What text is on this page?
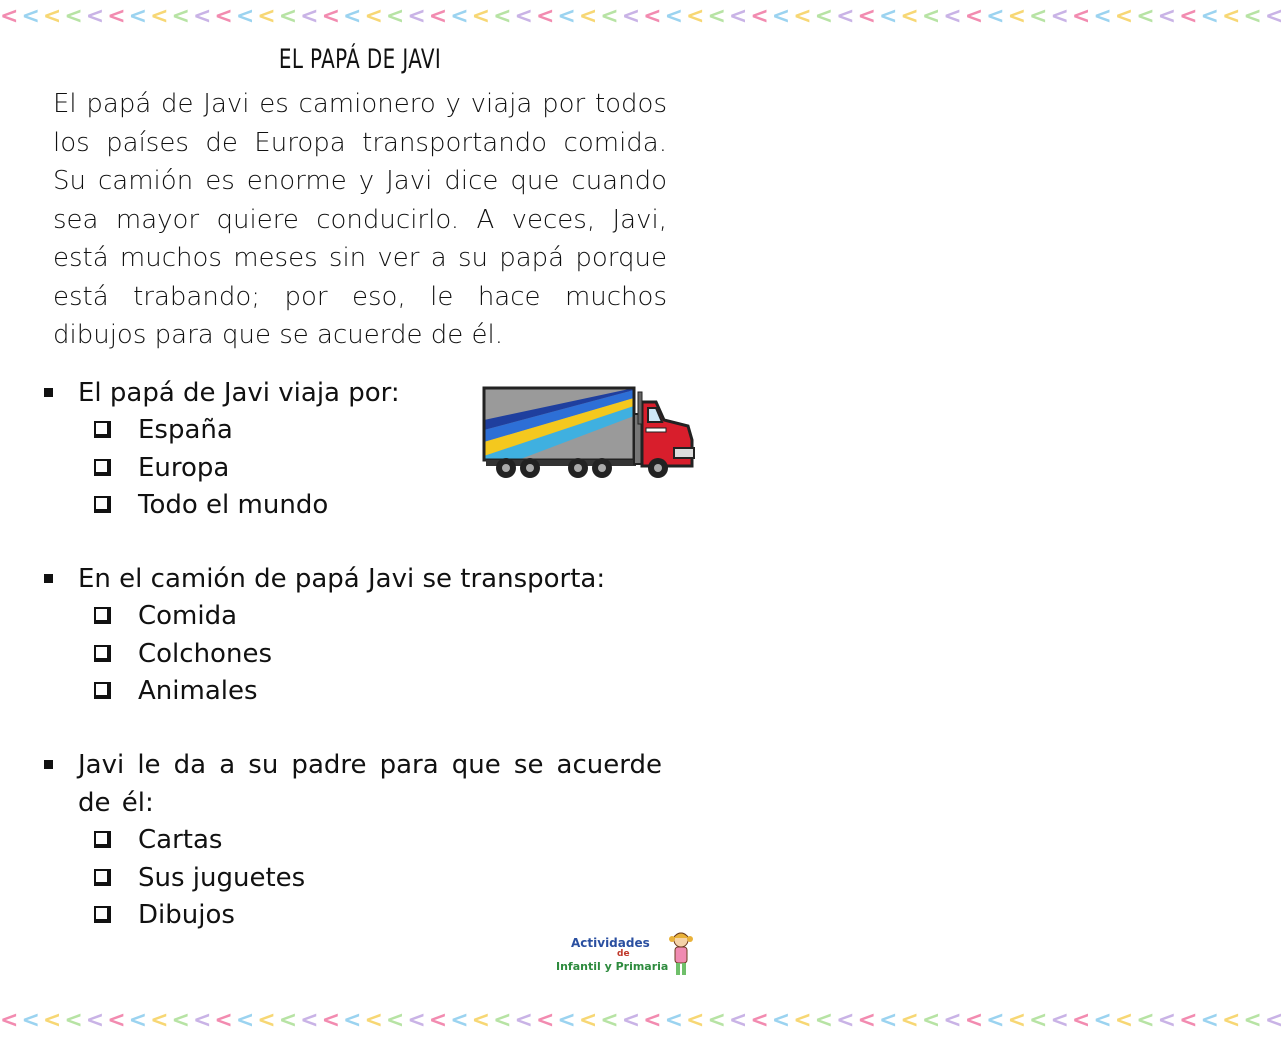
<<<<<<<<<<<<<<<<<<<<<<<<<<<<<<<<<<<<<<<<<<<<<<<<<<<<<<<<<<<<
EL PAPÁ DE JAVI
El papá de Javi es camionero y viaja por todos los países de Europa transportando comida. Su camión es enorme y Javi dice que cuando sea mayor quiere conducirlo. A veces, Javi, está muchos meses sin ver a su papá porque está trabando; por eso, le hace muchos dibujos para que se acuerde de él.
El papá de Javi viaja por:
España
Europa
Todo el mundo
En el camión de papá Javi se transporta:
Comida
Colchones
Animales
Javi le da a su padre para que se acuerde de él:
Cartas
Sus juguetes
Dibujos
Actividades
de
Infantil y Primaria
<<<<<<<<<<<<<<<<<<<<<<<<<<<<<<<<<<<<<<<<<<<<<<<<<<<<<<<<<<<<
